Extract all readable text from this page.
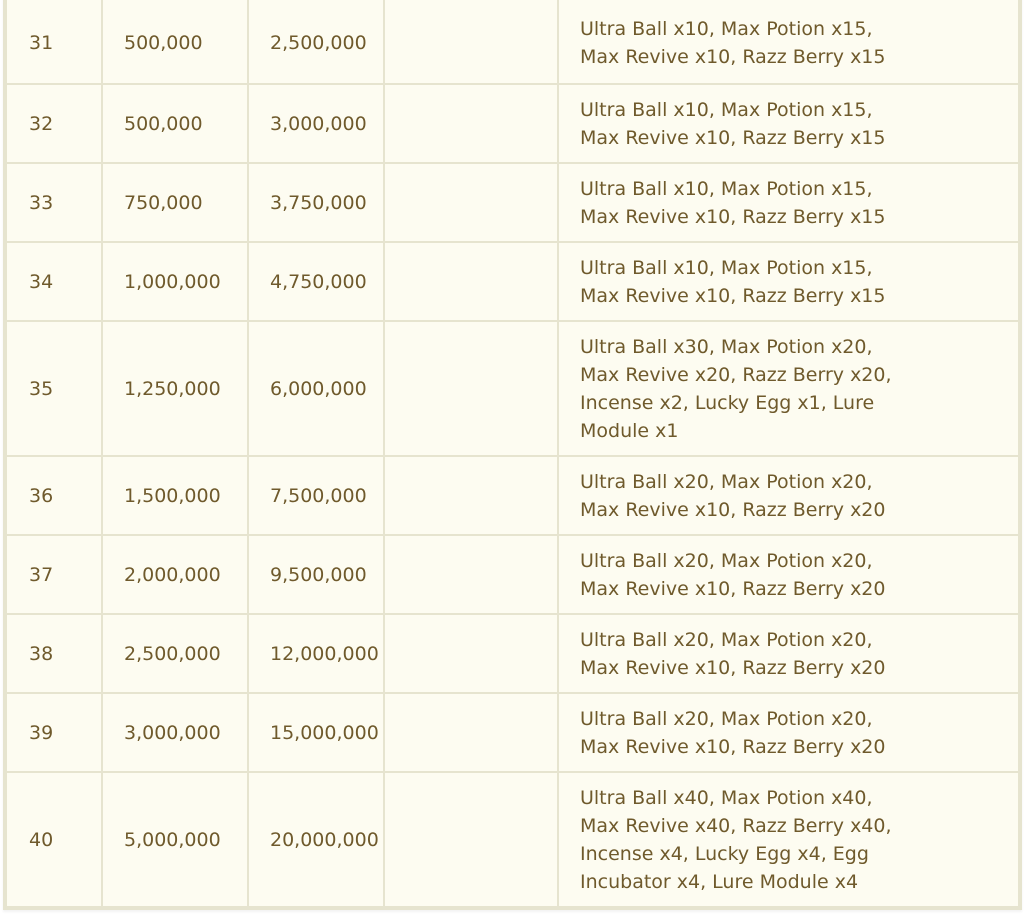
31	500,000	2,500,000		Ultra Ball x10, Max Potion x15,
Max Revive x10, Razz Berry x15

32	500,000	3,000,000		Ultra Ball x10, Max Potion x15,
Max Revive x10, Razz Berry x15

33	750,000	3,750,000		Ultra Ball x10, Max Potion x15,
Max Revive x10, Razz Berry x15

34	1,000,000	4,750,000		Ultra Ball x10, Max Potion x15,
Max Revive x10, Razz Berry x15

35	1,250,000	6,000,000		Ultra Ball x30, Max Potion x20,
Max Revive x20, Razz Berry x20,
Incense x2, Lucky Egg x1, Lure
Module x1

36	1,500,000	7,500,000		Ultra Ball x20, Max Potion x20,
Max Revive x10, Razz Berry x20

37	2,000,000	9,500,000		Ultra Ball x20, Max Potion x20,
Max Revive x10, Razz Berry x20

38	2,500,000	12,000,000		Ultra Ball x20, Max Potion x20,
Max Revive x10, Razz Berry x20

39	3,000,000	15,000,000		Ultra Ball x20, Max Potion x20,
Max Revive x10, Razz Berry x20

40	5,000,000	20,000,000		Ultra Ball x40, Max Potion x40,
Max Revive x40, Razz Berry x40,
Incense x4, Lucky Egg x4, Egg
Incubator x4, Lure Module x4
